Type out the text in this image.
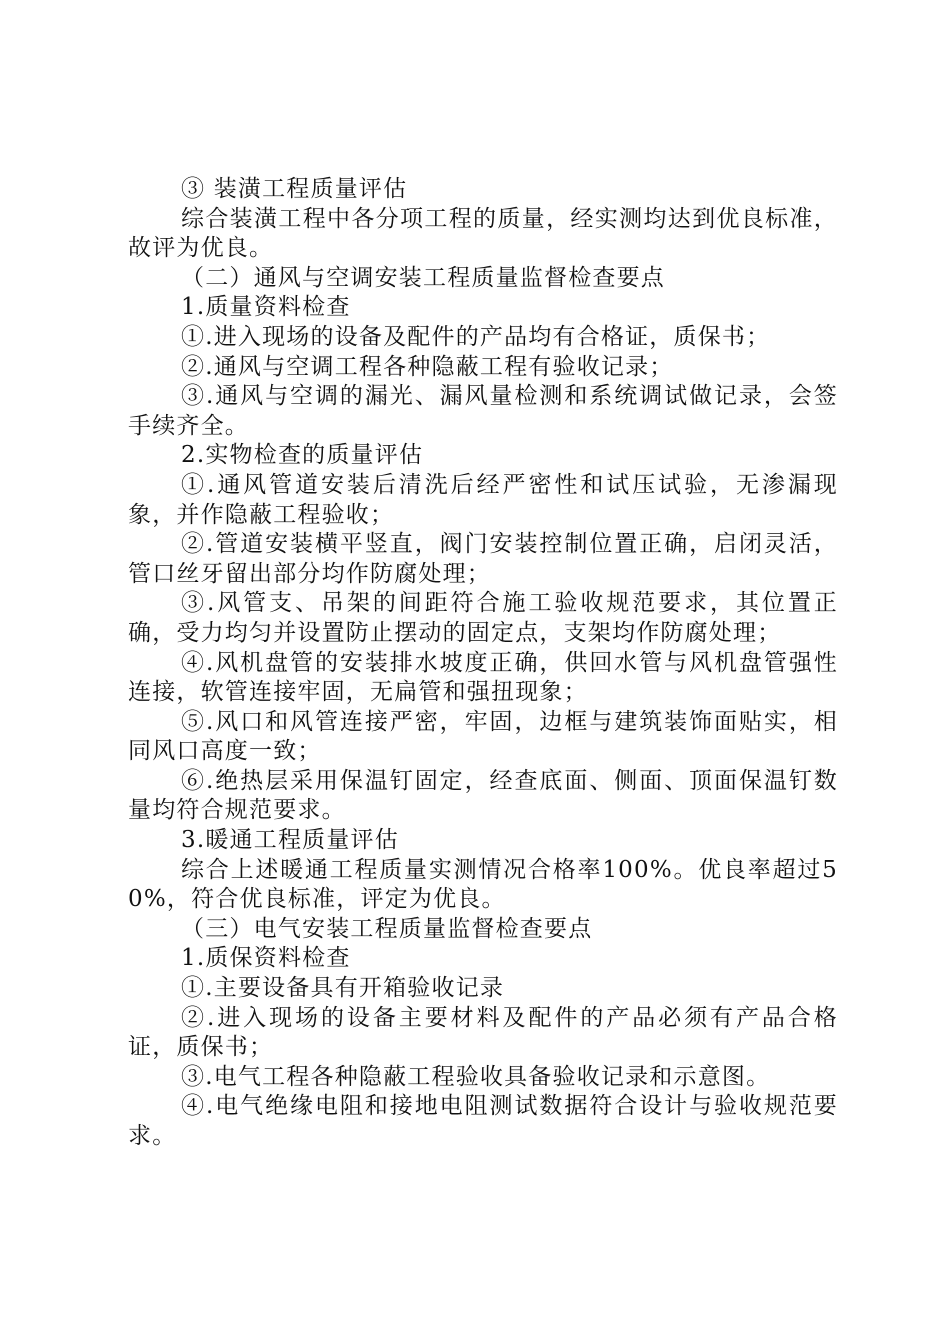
③ 装潢工程质量评估

综合装潢工程中各分项工程的质量，经实测均达到优良标准，故评为优良。

（二）通风与空调安装工程质量监督检查要点

1.质量资料检查

①.进入现场的设备及配件的产品均有合格证，质保书；

②.通风与空调工程各种隐蔽工程有验收记录；

③.通风与空调的漏光、漏风量检测和系统调试做记录，会签手续齐全。

2.实物检查的质量评估

①.通风管道安装后清洗后经严密性和试压试验，无渗漏现象，并作隐蔽工程验收；

②.管道安装横平竖直，阀门安装控制位置正确，启闭灵活，管口丝牙留出部分均作防腐处理；

③.风管支、吊架的间距符合施工验收规范要求，其位置正确，受力均匀并设置防止摆动的固定点，支架均作防腐处理；

④.风机盘管的安装排水坡度正确，供回水管与风机盘管强性连接，软管连接牢固，无扁管和强扭现象；

⑤.风口和风管连接严密，牢固，边框与建筑装饰面贴实，相同风口高度一致；

⑥.绝热层采用保温钉固定，经查底面、侧面、顶面保温钉数量均符合规范要求。

3.暖通工程质量评估

综合上述暖通工程质量实测情况合格率100%。优良率超过50%，符合优良标准，评定为优良。

（三）电气安装工程质量监督检查要点

1.质保资料检查

①.主要设备具有开箱验收记录

②.进入现场的设备主要材料及配件的产品必须有产品合格证，质保书；

③.电气工程各种隐蔽工程验收具备验收记录和示意图。

④.电气绝缘电阻和接地电阻测试数据符合设计与验收规范要求。
